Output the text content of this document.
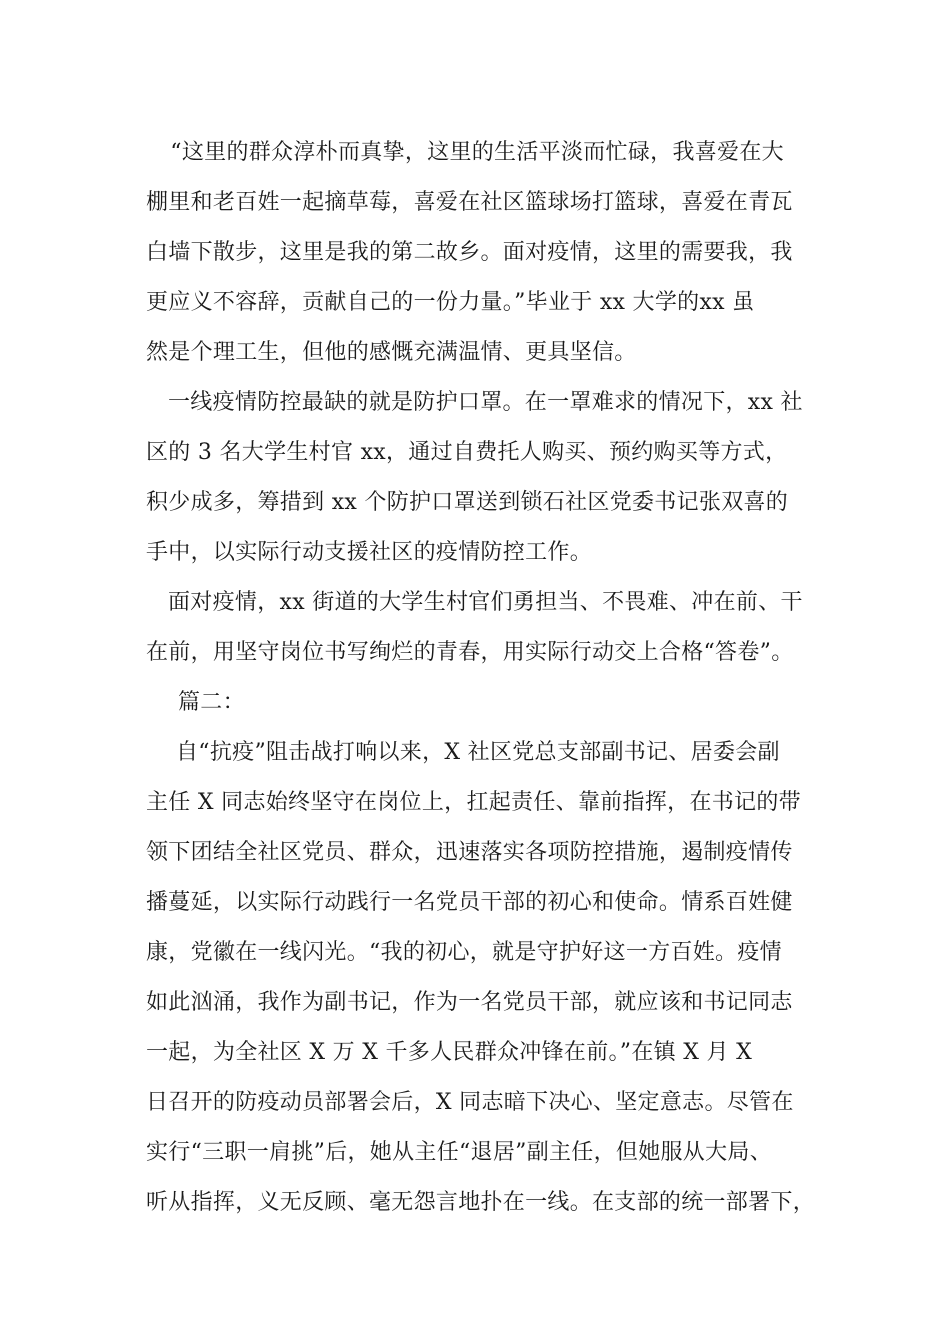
　“这里的群众淳朴而真挚，这里的生活平淡而忙碌，我喜爱在大
棚里和老百姓一起摘草莓，喜爱在社区篮球场打篮球，喜爱在青瓦
白墙下散步，这里是我的第二故乡。面对疫情，这里的需要我，我
更应义不容辞，贡献自己的一份力量。”毕业于 xx 大学的xx 虽
然是个理工生，但他的感慨充满温情、更具坚信。
一线疫情防控最缺的就是防护口罩。在一罩难求的情况下，xx 社
区的 3 名大学生村官 xx，通过自费托人购买、预约购买等方式，
积少成多，筹措到 xx 个防护口罩送到锁石社区党委书记张双喜的
手中，以实际行动支援社区的疫情防控工作。
面对疫情，xx 街道的大学生村官们勇担当、不畏难、冲在前、干
在前，用坚守岗位书写绚烂的青春，用实际行动交上合格“答卷”。
篇二：
自“抗疫”阻击战打响以来，X 社区党总支部副书记、居委会副
主任 X 同志始终坚守在岗位上，扛起责任、靠前指挥，在书记的带
领下团结全社区党员、群众，迅速落实各项防控措施，遏制疫情传
播蔓延，以实际行动践行一名党员干部的初心和使命。情系百姓健
康，党徽在一线闪光。“我的初心，就是守护好这一方百姓。疫情
如此汹涌，我作为副书记，作为一名党员干部，就应该和书记同志
一起，为全社区 X 万 X 千多人民群众冲锋在前。”在镇 X 月 X
日召开的防疫动员部署会后，X 同志暗下决心、坚定意志。尽管在
实行“三职一肩挑”后，她从主任“退居”副主任，但她服从大局、
听从指挥，义无反顾、毫无怨言地扑在一线。在支部的统一部署下，
